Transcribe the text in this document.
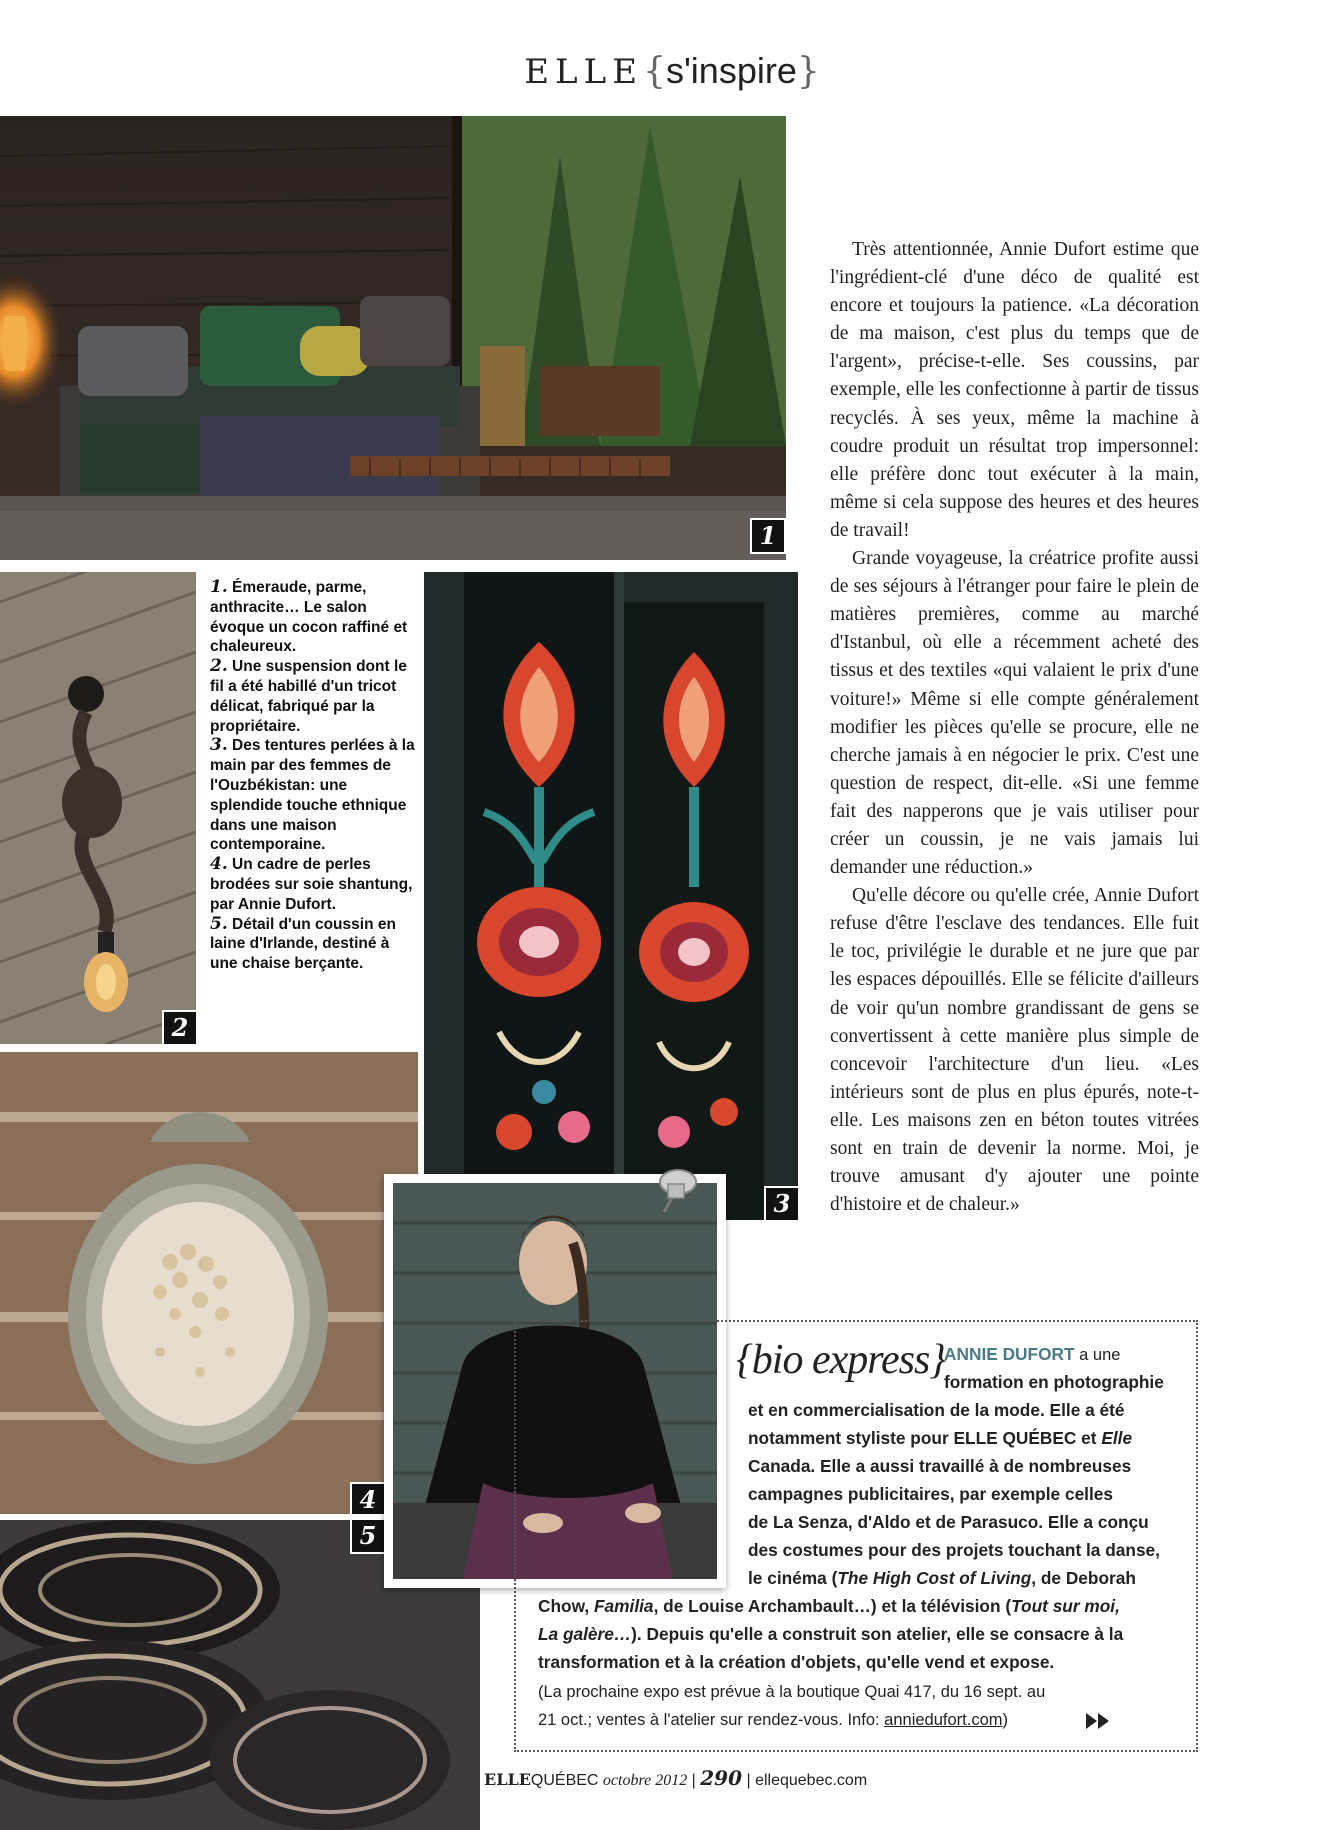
ELLE{s'inspire}
1
2
1. Émeraude, parme, anthracite… Le salon évoque un cocon raffiné et chaleureux.
2. Une suspension dont le fil a été habillé d'un tricot délicat, fabriqué par la propriétaire.
3. Des tentures perlées à la main par des femmes de l'Ouzbékistan: une splendide touche ethnique dans une maison contemporaine.
4. Un cadre de perles brodées sur soie shantung, par Annie Dufort.
5. Détail d'un coussin en laine d'Irlande, destiné à une chaise berçante.
3
4
5

Très attentionnée, Annie Dufort estime que l'ingrédient-clé d'une déco de qualité est encore et toujours la patience. «La décoration de ma maison, c'est plus du temps que de l'argent», précise-t-elle. Ses coussins, par exemple, elle les confectionne à partir de tissus recyclés. À ses yeux, même la machine à coudre produit un résultat trop impersonnel: elle préfère donc tout exécuter à la main, même si cela suppose des heures et des heures de travail!

Grande voyageuse, la créatrice profite aussi de ses séjours à l'étranger pour faire le plein de matières premières, comme au marché d'Istanbul, où elle a récemment acheté des tissus et des textiles «qui valaient le prix d'une voiture!» Même si elle compte généralement modifier les pièces qu'elle se procure, elle ne cherche jamais à en négocier le prix. C'est une question de respect, dit-elle. «Si une femme fait des napperons que je vais utiliser pour créer un coussin, je ne vais jamais lui demander une réduction.»

Qu'elle décore ou qu'elle crée, Annie Dufort refuse d'être l'esclave des tendances. Elle fuit le toc, privilégie le durable et ne jure que par les espaces dépouillés. Elle se félicite d'ailleurs de voir qu'un nombre grandissant de gens se convertissent à cette manière plus simple de concevoir l'architecture d'un lieu. «Les intérieurs sont de plus en plus épurés, note-t-elle. Les maisons zen en béton toutes vitrées sont en train de devenir la norme. Moi, je trouve amusant d'y ajouter une pointe d'histoire et de chaleur.»

{bio express}
ANNIE DUFORT a une
formation en photographie
et en commercialisation de la mode. Elle a été
notamment styliste pour ELLE QUÉBEC et Elle
Canada. Elle a aussi travaillé à de nombreuses
campagnes publicitaires, par exemple celles
de La Senza, d'Aldo et de Parasuco. Elle a conçu
des costumes pour des projets touchant la danse,
le cinéma (The High Cost of Living, de Deborah
Chow, Familia, de Louise Archambault…) et la télévision (Tout sur moi,
La galère…). Depuis qu'elle a construit son atelier, elle se consacre à la
transformation et à la création d'objets, qu'elle vend et expose.
(La prochaine expo est prévue à la boutique Quai 417, du 16 sept. au
21 oct.; ventes à l'atelier sur rendez-vous. Info: anniedufort.com)
ELLEQUÉBEC octobre 2012 | 290 | ellequebec.com
